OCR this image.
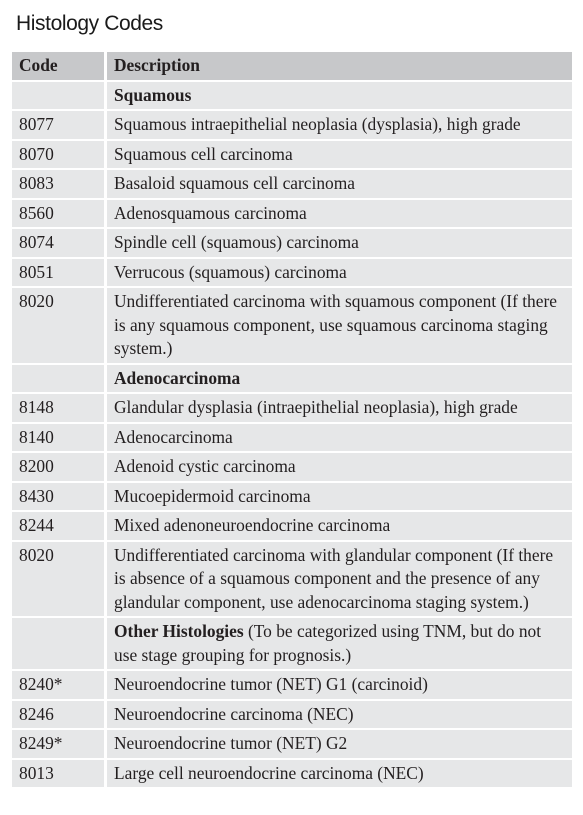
Histology Codes
Code	Description
	Squamous
8077	Squamous intraepithelial neoplasia (dysplasia), high grade
8070	Squamous cell carcinoma
8083	Basaloid squamous cell carcinoma
8560	Adenosquamous carcinoma
8074	Spindle cell (squamous) carcinoma
8051	Verrucous (squamous) carcinoma
8020	Undifferentiated carcinoma with squamous component (If there is any squamous component, use squamous carcinoma staging system.)
	Adenocarcinoma
8148	Glandular dysplasia (intraepithelial neoplasia), high grade
8140	Adenocarcinoma
8200	Adenoid cystic carcinoma
8430	Mucoepidermoid carcinoma
8244	Mixed adenoneuroendocrine carcinoma
8020	Undifferentiated carcinoma with glandular component (If there is absence of a squamous component and the presence of any glandular component, use adenocarcinoma staging system.)
	Other Histologies (To be categorized using TNM, but do not use stage grouping for prognosis.)
8240*	Neuroendocrine tumor (NET) G1 (carcinoid)
8246	Neuroendocrine carcinoma (NEC)
8249*	Neuroendocrine tumor (NET) G2
8013	Large cell neuroendocrine carcinoma (NEC)
